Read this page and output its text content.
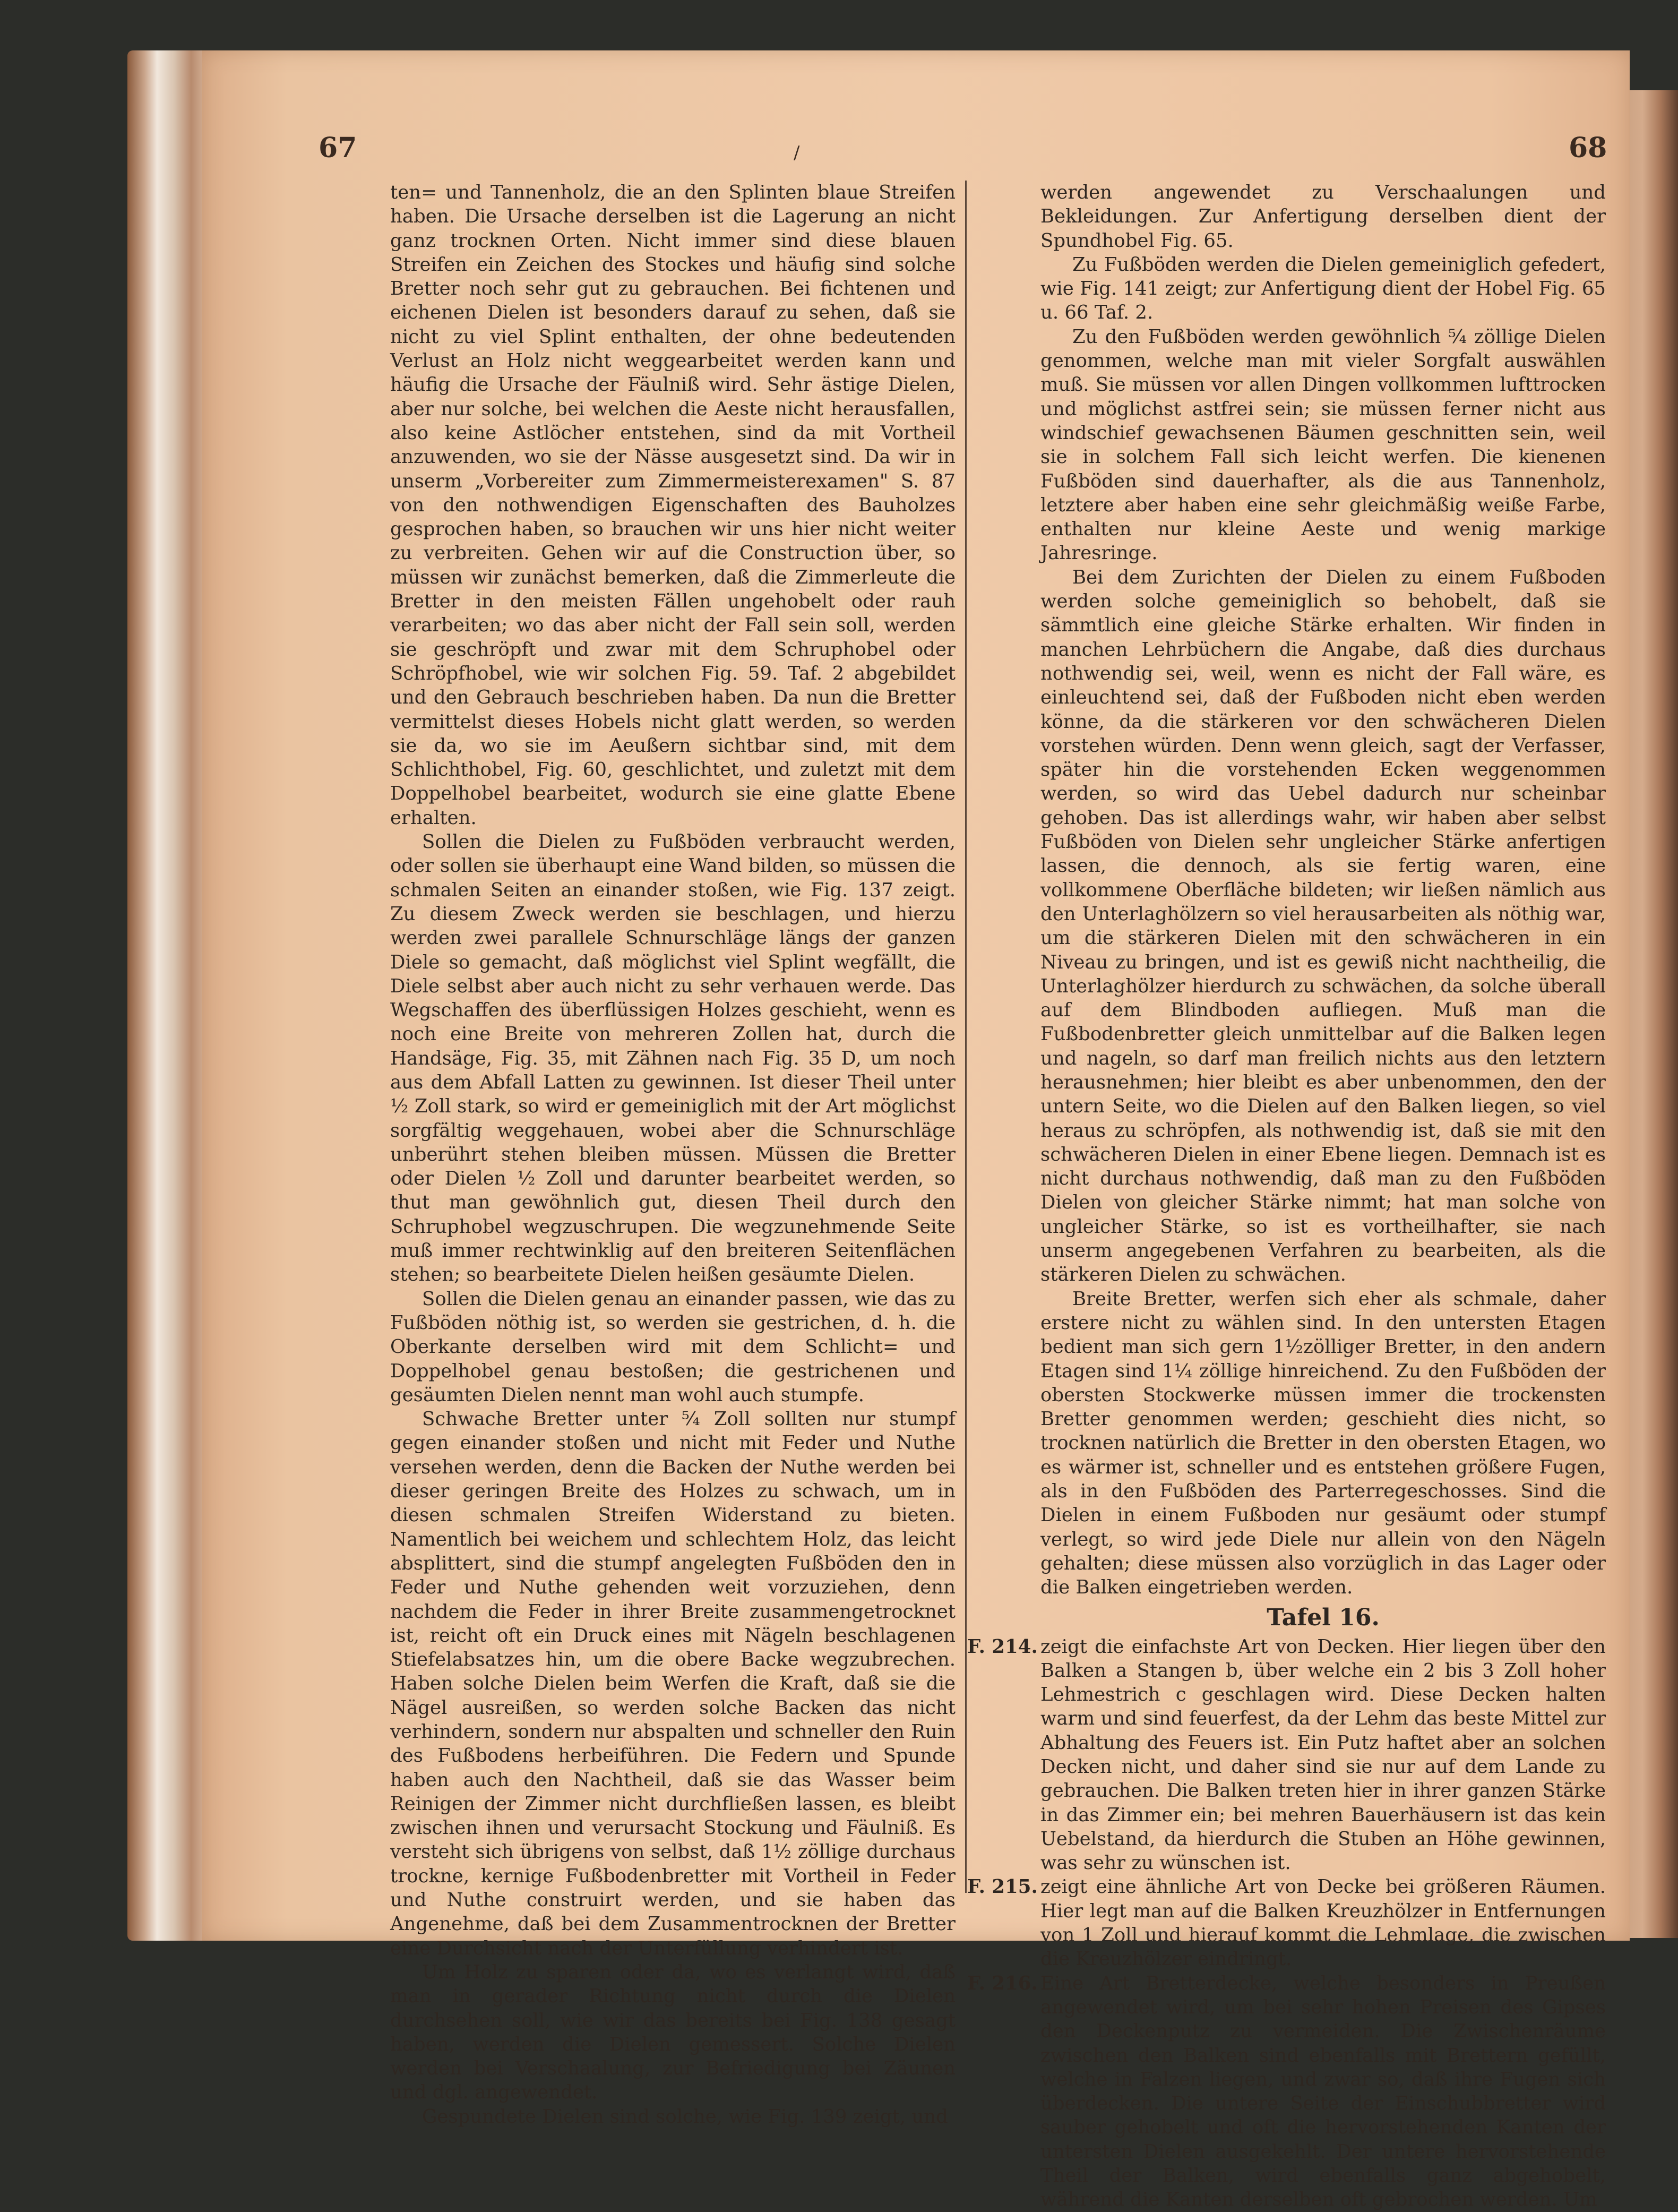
67	68
/

ten= und Tannenholz, die an den Splinten blaue Streifen haben. Die Ursache derselben ist die Lagerung an nicht ganz trocknen Orten. Nicht immer sind diese blauen Streifen ein Zeichen des Stockes und häufig sind solche Bretter noch sehr gut zu gebrauchen. Bei fichtenen und eichenen Dielen ist besonders darauf zu sehen, daß sie nicht zu viel Splint enthalten, der ohne bedeutenden Verlust an Holz nicht weggearbeitet werden kann und häufig die Ursache der Fäulniß wird. Sehr ästige Dielen, aber nur solche, bei welchen die Aeste nicht herausfallen, also keine Astlöcher entstehen, sind da mit Vortheil anzuwenden, wo sie der Nässe ausgesetzt sind. Da wir in unserm „Vorbereiter zum Zimmermeisterexamen" S. 87 von den nothwendigen Eigenschaften des Bauholzes gesprochen haben, so brauchen wir uns hier nicht weiter zu verbreiten. Gehen wir auf die Construction über, so müssen wir zunächst bemerken, daß die Zimmerleute die Bretter in den meisten Fällen ungehobelt oder rauh verarbeiten; wo das aber nicht der Fall sein soll, werden sie geschröpft und zwar mit dem Schruphobel oder Schröpfhobel, wie wir solchen Fig. 59. Taf. 2 abgebildet und den Gebrauch beschrieben haben. Da nun die Bretter vermittelst dieses Hobels nicht glatt werden, so werden sie da, wo sie im Aeußern sichtbar sind, mit dem Schlichthobel, Fig. 60, geschlichtet, und zuletzt mit dem Doppelhobel bearbeitet, wodurch sie eine glatte Ebene erhalten.

Sollen die Dielen zu Fußböden verbraucht werden, oder sollen sie überhaupt eine Wand bilden, so müssen die schmalen Seiten an einander stoßen, wie Fig. 137 zeigt. Zu diesem Zweck werden sie beschlagen, und hierzu werden zwei parallele Schnurschläge längs der ganzen Diele so gemacht, daß möglichst viel Splint wegfällt, die Diele selbst aber auch nicht zu sehr verhauen werde. Das Wegschaffen des überflüssigen Holzes geschieht, wenn es noch eine Breite von mehreren Zollen hat, durch die Handsäge, Fig. 35, mit Zähnen nach Fig. 35 D, um noch aus dem Abfall Latten zu gewinnen. Ist dieser Theil unter ½ Zoll stark, so wird er gemeiniglich mit der Art möglichst sorgfältig weggehauen, wobei aber die Schnurschläge unberührt stehen bleiben müssen. Müssen die Bretter oder Dielen ½ Zoll und darunter bearbeitet werden, so thut man gewöhnlich gut, diesen Theil durch den Schruphobel wegzuschrupen. Die wegzunehmende Seite muß immer rechtwinklig auf den breiteren Seitenflächen stehen; so bearbeitete Dielen heißen gesäumte Dielen.

Sollen die Dielen genau an einander passen, wie das zu Fußböden nöthig ist, so werden sie gestrichen, d. h. die Oberkante derselben wird mit dem Schlicht= und Doppelhobel genau bestoßen; die gestrichenen und gesäumten Dielen nennt man wohl auch stumpfe.

Schwache Bretter unter ⁵⁄₄ Zoll sollten nur stumpf gegen einander stoßen und nicht mit Feder und Nuthe versehen werden, denn die Backen der Nuthe werden bei dieser geringen Breite des Holzes zu schwach, um in diesen schmalen Streifen Widerstand zu bieten. Namentlich bei weichem und schlechtem Holz, das leicht absplittert, sind die stumpf angelegten Fußböden den in Feder und Nuthe gehenden weit vorzuziehen, denn nachdem die Feder in ihrer Breite zusammengetrocknet ist, reicht oft ein Druck eines mit Nägeln beschlagenen Stiefelabsatzes hin, um die obere Backe wegzubrechen. Haben solche Dielen beim Werfen die Kraft, daß sie die Nägel ausreißen, so werden solche Backen das nicht verhindern, sondern nur abspalten und schneller den Ruin des Fußbodens herbeiführen. Die Federn und Spunde haben auch den Nachtheil, daß sie das Wasser beim Reinigen der Zimmer nicht durchfließen lassen, es bleibt zwischen ihnen und verursacht Stockung und Fäulniß. Es versteht sich übrigens von selbst, daß 1½ zöllige durchaus trockne, kernige Fußbodenbretter mit Vortheil in Feder und Nuthe construirt werden, und sie haben das Angenehme, daß bei dem Zusammentrocknen der Bretter eine Durchsicht nach der Unterfüllung verhindert ist.

Um Holz zu sparen oder da, wo es verlangt wird, daß man in gerader Richtung nicht durch die Dielen durchsehen soll, wie wir das bereits bei Fig. 138 gesagt haben, werden die Dielen gemessert. Solche Dielen werden bei Verschaalung, zur Befriedigung bei Zäunen und dgl. angewendet.

Gespundete Dielen sind solche, wie Fig. 139 zeigt, und

werden angewendet zu Verschaalungen und Bekleidungen. Zur Anfertigung derselben dient der Spundhobel Fig. 65.

Zu Fußböden werden die Dielen gemeiniglich gefedert, wie Fig. 141 zeigt; zur Anfertigung dient der Hobel Fig. 65 u. 66 Taf. 2.

Zu den Fußböden werden gewöhnlich ⁵⁄₄ zöllige Dielen genommen, welche man mit vieler Sorgfalt auswählen muß. Sie müssen vor allen Dingen vollkommen lufttrocken und möglichst astfrei sein; sie müssen ferner nicht aus windschief gewachsenen Bäumen geschnitten sein, weil sie in solchem Fall sich leicht werfen. Die kienenen Fußböden sind dauerhafter, als die aus Tannenholz, letztere aber haben eine sehr gleichmäßig weiße Farbe, enthalten nur kleine Aeste und wenig markige Jahresringe.

Bei dem Zurichten der Dielen zu einem Fußboden werden solche gemeiniglich so behobelt, daß sie sämmtlich eine gleiche Stärke erhalten. Wir finden in manchen Lehrbüchern die Angabe, daß dies durchaus nothwendig sei, weil, wenn es nicht der Fall wäre, es einleuchtend sei, daß der Fußboden nicht eben werden könne, da die stärkeren vor den schwächeren Dielen vorstehen würden. Denn wenn gleich, sagt der Verfasser, später hin die vorstehenden Ecken weggenommen werden, so wird das Uebel dadurch nur scheinbar gehoben. Das ist allerdings wahr, wir haben aber selbst Fußböden von Dielen sehr ungleicher Stärke anfertigen lassen, die dennoch, als sie fertig waren, eine vollkommene Oberfläche bildeten; wir ließen nämlich aus den Unterlaghölzern so viel herausarbeiten als nöthig war, um die stärkeren Dielen mit den schwächeren in ein Niveau zu bringen, und ist es gewiß nicht nachtheilig, die Unterlaghölzer hierdurch zu schwächen, da solche überall auf dem Blindboden aufliegen. Muß man die Fußbodenbretter gleich unmittelbar auf die Balken legen und nageln, so darf man freilich nichts aus den letztern herausnehmen; hier bleibt es aber unbenommen, den der untern Seite, wo die Dielen auf den Balken liegen, so viel heraus zu schröpfen, als nothwendig ist, daß sie mit den schwächeren Dielen in einer Ebene liegen. Demnach ist es nicht durchaus nothwendig, daß man zu den Fußböden Dielen von gleicher Stärke nimmt; hat man solche von ungleicher Stärke, so ist es vortheilhafter, sie nach unserm angegebenen Verfahren zu bearbeiten, als die stärkeren Dielen zu schwächen.

Breite Bretter, werfen sich eher als schmale, daher erstere nicht zu wählen sind. In den untersten Etagen bedient man sich gern 1½zölliger Bretter, in den andern Etagen sind 1¼ zöllige hinreichend. Zu den Fußböden der obersten Stockwerke müssen immer die trockensten Bretter genommen werden; geschieht dies nicht, so trocknen natürlich die Bretter in den obersten Etagen, wo es wärmer ist, schneller und es entstehen größere Fugen, als in den Fußböden des Parterregeschosses. Sind die Dielen in einem Fußboden nur gesäumt oder stumpf verlegt, so wird jede Diele nur allein von den Nägeln gehalten; diese müssen also vorzüglich in das Lager oder die Balken eingetrieben werden.

Tafel 16.

F. 214. zeigt die einfachste Art von Decken. Hier liegen über den Balken a Stangen b, über welche ein 2 bis 3 Zoll hoher Lehmestrich c geschlagen wird. Diese Decken halten warm und sind feuerfest, da der Lehm das beste Mittel zur Abhaltung des Feuers ist. Ein Putz haftet aber an solchen Decken nicht, und daher sind sie nur auf dem Lande zu gebrauchen. Die Balken treten hier in ihrer ganzen Stärke in das Zimmer ein; bei mehren Bauerhäusern ist das kein Uebelstand, da hierdurch die Stuben an Höhe gewinnen, was sehr zu wünschen ist.

F. 215. zeigt eine ähnliche Art von Decke bei größeren Räumen. Hier legt man auf die Balken Kreuzhölzer in Entfernungen von 1 Zoll und hierauf kommt die Lehmlage, die zwischen die Kreuzhölzer eindringt.

F. 216. Eine Art Bretterdecke, welche besonders in Preußen angewendet wird, um bei sehr hohen Preisen des Gipses den Deckenputz zu vermeiden. Die Zwischenräume zwischen den Balken sind ebenfalls mit Brettern gefüllt, welche in Falzen liegen, und zwar so, daß ihre Fugen sich überdecken. Die untere Seite der Einschubbretter wird sauber gehobelt und oft die hervorstehenden Kanten der untersten Dielen ausgekehlt. Der untere hervorstehende Theil der Balken, wird ebenfalls ganz abgehobelt, während die Kanten derselben oft gebrochen werden. Um
